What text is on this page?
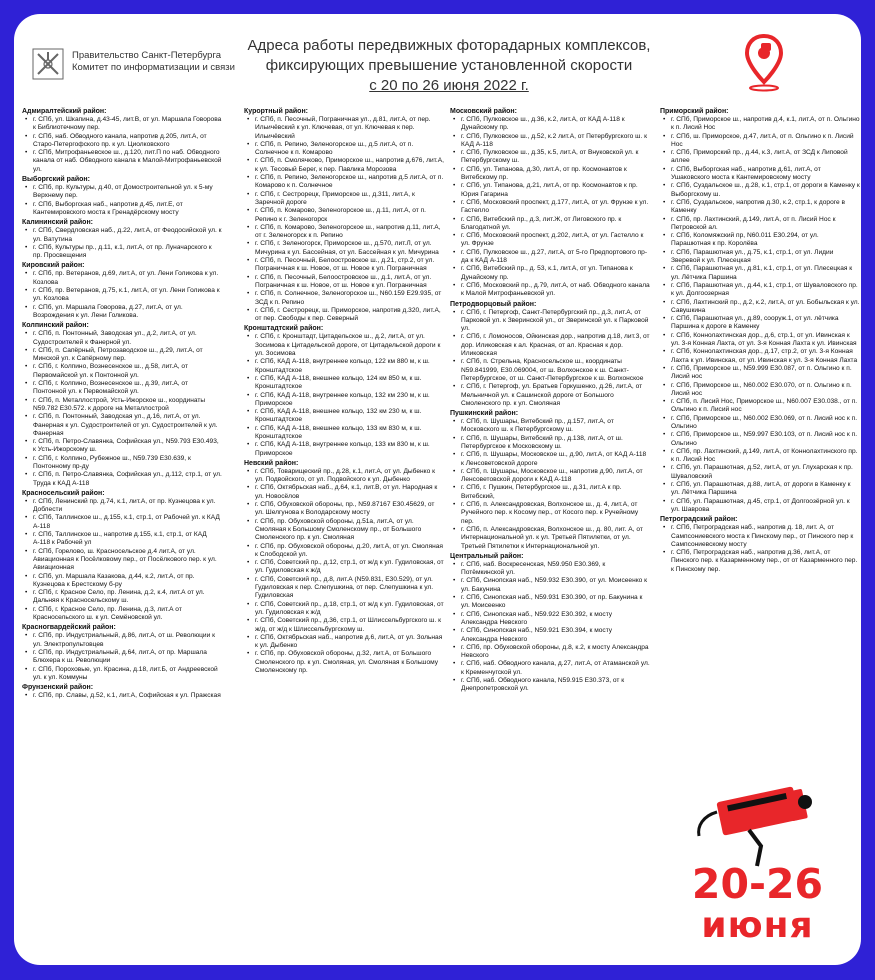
Правительство Санкт-Петербурга
Комитет по информатизации и связи
Адреса работы передвижных фоторадарных комплексов,
фиксирующих превышение установленной скорости
с 20 по 26 июня 2022 г.
Адмиралтейский район:
• г. СПб, ул. Шкапина, д.43-45, лит.В, от ул. Маршала Говорова к Библиотечному пер.
• г. СПб, наб. Обводного канала, напротив д.205, лит.А, от Старо-Петергофского пр. к ул. Циолковского
• г. СПб, Митрофаньевское ш., д.120, лит.П по наб. Обводного канала от наб. Обводного канала к Малой-Митрофаньевской ул.
Выборгский район:
• г. СПб, пр. Культуры, д.40, от Домостроительной ул. к 5-му Верхнему пер.
• г. СПб, Выборгская наб., напротив д.45, лит.Е, от Кантемировского моста к Гренадёрскому мосту
Калининский район:
• г. СПб, Свердловская наб., д.22, лит.А, от Феодосийской ул. к ул. Ватутина
• г. СПб, Культуры пр., д.11, к.1, лит.А, от пр. Луначарского к пр. Просвещения
Кировский район:
• г. СПб, пр. Ветеранов, д.69, лит.А, от ул. Лени Голикова к ул. Козлова
• г. СПб, пр. Ветеранов, д.75, к.1, лит.А, от ул. Лени Голикова к ул. Козлова
• г. СПб, ул. Маршала Говорова, д.27, лит.А, от ул. Возрождения к ул. Лени Голикова.
Колпинский район:
• г. СПб, п. Понтонный, Заводская ул., д.2, лит.А, от ул. Судостроителей к Фанерной ул.
• г. СПб, п. Сапёрный, Петрозаводское ш., д.29, лит.А, от Минской ул. к Сапёрному пер.
• г. СПб, г. Колпино, Вознесенское ш., д.58, лит.А, от Первомайской ул. к Понтонной ул.
• г. СПб, г. Колпино, Вознесенское ш., д.39, лит.А, от Понтонной ул. к Первомайской ул.
• г. СПб, п. Металлострой, Усть-Ижорское ш., координаты N59.782 E30.572. к дороге на Металлострой
• г. СПб, п. Понтонный, Заводская ул., д.16, лит.А, от ул. Фанерная к ул. Судостроителей от ул. Судостроителей к ул. Фанерная
• г. СПб, п. Петро-Славянка, Софийская ул., N59.793 E30.493, к Усть-Ижорскому ш.
• г. СПб, г. Колпино, Рубежное ш., N59.739 E30.639, к Понтонному пр-ду
• г. СПб, п. Петро-Славянка, Софийская ул., д.112, стр.1, от ул. Труда к КАД А-118
Красносельский район:
• г. СПб, Ленинский пр. д.74, к.1, лит.А, от пр. Кузнецова к ул. Доблести
• г. СПб, Таллинское ш., д.155, к.1, стр.1, от Рабочей ул. к КАД А-118
• г. СПб, Таллинское ш., напротив д.155, к.1, стр.1, от КАД А-118 к Рабочей ул
• г. СПб, Горелово, ш. Красносельское д.4 лит.А, от ул. Авиационная к Посёлковому пер., от Посёлкового пер. к ул. Авиационная
• г. СПб, ул. Маршала Казакова, д.44, к.2, лит.А, от пр. Кузнецова к Брестскому б-ру
• г. СПб, г. Красное Село, пр. Ленина, д.2, к.4, лит.А от ул. Дальняя к Красносельскому ш.
• г. СПб, г. Красное Село, пр. Ленина, д.3, лит.А от Красносельского ш. к ул. Семёновской ул.
Красногвардейский район:
• г. СПб, пр. Индустриальный, д.86, лит.А, от ш. Революции к ул. Электропультовцев
• г. СПб, пр. Индустриальный, д.64, лит.А, от пр. Маршала Блюхера к ш. Революции
• г. СПб, Пороховые, ул. Красина, д.18, лит.Б, от Андреевской ул. к ул. Коммуны
Фрунзенский район:
• г. СПб, пр. Славы, д.52, к.1, лит.А, Софийская к ул. Пражская
Курортный район:
• г. СПб, п. Песочный, Пограничная ул., д.81, лит.А, от пер. Ильичёвский к ул. Ключевая, от ул. Ключевая к пер. Ильичёвский
• г. СПб, п. Репино, Зеленогорское ш., д.5 лит.А, от п. Солнечное к п. Комарово
• г. СПб, п. Смолячково, Приморское ш., напротив д.676, лит.А, к ул. Тесовый Берег, к пер. Павлика Морозова
• г. СПб, п. Репино, Зеленогорское ш., напротив д.5 лит.А, от п. Комарово к п. Солнечное
• г. СПб, г. Сестрорецк, Приморское ш., д.311, лит.А, к Заречной дороге
• г. СПб, п. Комарово, Зеленогорское ш., д.11, лит.А, от п. Репино к г. Зеленогорск
• г. СПб, п. Комарово, Зеленогорское ш., напротив д.11, лит.А, от г. Зеленогорск к п. Репино
• г. СПб, г. Зеленогорск, Приморское ш., д.570, лит.Л, от ул. Мичурина к ул. Бассейная, от ул. Бассейная к ул. Мичурина
• г. СПб, п. Песочный, Белоостровское ш., д.21, стр.2, от ул. Пограничная к ш. Новое, от ш. Новое к ул. Пограничная
• г. СПб, п. Песочный, Белоостровское ш., д.1, лит.А, от ул. Пограничная к ш. Новое, от ш. Новое к ул. Пограничная
• г. СПб, п. Солнечное, Зеленогорское ш., N60.159 E29.935, от ЗСД к п. Репино
• г. СПб, г. Сестрорецк, ш. Приморское, напротив д.320, лит.А, от пер. Свободы к пер. Северный
Кронштадтский район:
• г. СПб, г. Кронштадт, Цитадельское ш., д.2, лит.А, от ул. Зосимова к Цитадельской дороге, от Цитадельской дороги к ул. Зосимова
• г. СПб, КАД А-118, внутреннее кольцо, 122 км 880 м, к ш. Кронштадтское
• г. СПб, КАД А-118, внешнее кольцо, 124 км 850 м, к ш. Кронштадтское
• г. СПб, КАД А-118, внутреннее кольцо, 132 км 230 м, к ш. Приморское
• г. СПб, КАД А-118, внешнее кольцо, 132 км 230 м, к ш. Кронштадтское
• г. СПб, КАД А-118, внешнее кольцо, 133 км 830 м, к ш. Кронштадтское
• г. СПб, КАД А-118, внутреннее кольцо, 133 км 830 м, к ш. Приморское
Невский район:
• г. СПб, Товарищеский пр., д.28, к.1, лит.А, от ул. Дыбенко к ул. Подвойского, от ул. Подвойского к ул. Дыбенко
• г. СПб, Октябрьская наб., д.64, к.1, лит.В, от ул. Народная к ул. Новосёлов
• г. СПб, Обуховской обороны, пр., N59.87167 E30.45629, от ул. Шелгунова к Володарскому мосту
• г. СПб, пр. Обуховской обороны, д.51а, лит.А, от ул. Смоляная к Большому Смоленскому пр., от Большого Смоленского пр. к ул. Смоляная
• г. СПб, пр. Обуховской обороны, д.20, лит.А, от ул. Смоляная к Слободской ул.
• г. СПб, Советский пр., д.12, стр.1, от ж/д к ул. Гудиловская, от ул. Гудиловская к ж/д
• г. СПб, Советский пр., д.8, лит.А (N59.831, E30.529), от ул. Гудиловская к пер. Слепушкина, от пер. Слепушкина к ул. Гудиловская
• г. СПб, Советский пр., д.18, стр.1, от ж/д к ул. Гудиловская, от ул. Гудиловская к ж/д
• г. СПб, Советский пр., д.36, стр.1, от Шлиссельбургского ш. к ж/д, от ж/д к Шлиссельбургскому ш.
• г. СПб, Октябрьская наб., напротив д.6, лит.А, от ул. Зольная к ул. Дыбенко
• г. СПб, пр. Обуховской обороны, д.32, лит.А, от Большого Смоленского пр. к ул. Смоляная, ул. Смоляная к Большому Смоленскому пр.
Московский район:
• г. СПб, Пулковское ш., д.36, к.2, лит.А, от КАД А-118 к Дунайскому пр.
• г. СПб, Пулковское ш., д.52, к.2 лит.А, от Петербургского ш. к КАД А-118
• г. СПб, Пулковское ш., д.35, к.5, лит.А, от Внуковской ул. к Петербургскому ш.
• г. СПб, ул. Типанова, д.30, лит.А, от пр. Космонавтов к Витебскому пр.
• г. СПб, ул. Типанова, д.21, лит.А, от пр. Космонавтов к пр. Юрия Гагарина
• г. СПб, Московский проспект, д.177, лит.А, от ул. Фрунзе к ул. Гастелло
• г. СПб, Витебский пр., д.3, лит.Ж, от Лиговского пр. к Благодатной ул.
• г. СПб, Московский проспект, д.202, лит.А, от ул. Гастелло к ул. Фрунзе
• г. СПб, Пулковское ш., д.27, лит.А, от 5-го Предпортового пр-да к КАД А-118
• г. СПб, Витебский пр., д. 53, к.1, лит.А, от ул. Типанова к Дунайскому пр.
• г. СПб, Московский пр., д.79, лит.А, от наб. Обводного канала к Малой Митрофаньевской ул.
Петродворцовый район:
• г. СПб, г. Петергоф, Санкт-Петербургский пр., д.3, лит.А, от Парковой ул. к Зверинской ул., от Зверинской ул. к Парковой ул.
• г. СПб, г. Ломоносов, Ойкинская дор., напротив д.18, лит.3, от дор. Иликовская к ал. Красная, от ал. Красная к дор. Иликовская
• г. СПб, п. Стрельна, Красносельское ш., координаты N59.841999, E30.069004, от ш. Волхонское к ш. Санкт-Петербургское, от ш. Санкт-Петербургское к ш. Волхонское
• г. СПб, г. Петергоф, ул. Братьев Горкушенко, д.26, лит.А, от Мельничной ул. к Сашинской дороге от Большого Смоленского пр. к ул. Смоляная
Пушкинский район:
• г. СПб, п. Шушары, Витебский пр., д.157, лит.А, от Московского ш. к Петербургскому ш.
• г. СПб, п. Шушары, Витебский пр., д.138, лит.А, от ш. Петербургское к Московскому ш.
• г. СПб, п. Шушары, Московское ш., д.90, лит.А, от КАД А-118 к Ленсоветовской дороге
• г. СПб, п. Шушары, Московское ш., напротив д.90, лит.А, от Ленсоветовской дороги к КАД А-118
• г. СПб, г. Пушкин, Петербургское ш., д.31, лит.А к пр. Витебский,
• г. СПб, п. Александровская, Волхонское ш., д. 4, лит.А, от Ручейного пер. к Косому пер., от Косого пер. к Ручейному пер.
• г. СПб, п. Александровская, Волхонское ш., д. 80, лит. А, от Интернациональной ул. к ул. Третьей Пятилетки, от ул. Третьей Пятилетки к Интернациональной ул.
Центральный район:
• г. СПб, наб. Воскресенская, N59.950 E30.369, к Потёмкинской ул.
• г. СПб, Синопская наб., N59.932 E30.390, от ул. Моисеенко к ул. Бакунина
• г. СПб, Синопская наб., N59.931 E30.390, от пр. Бакунина к ул. Моисеенко
• г. СПб, Синопская наб., N59.922 E30.392, к мосту Александра Невского
• г. СПб, Синопская наб., N59.921 E30.394, к мосту Александра Невского
• г. СПб, пр. Обуховской обороны, д.8, к.2, к мосту Александра Невского
• г. СПб, наб. Обводного канала, д.27, лит.А, от Атаманской ул. к Кременчугской ул.
• г. СПб, наб. Обводного канала, N59.915 E30.373, от к Днепропетровской ул.
Приморский район:
• г. СПб, Приморское ш., напротив д.4, к.1, лит.А, от п. Ольгино к п. Лисий Нос
• г. СПб, ш. Приморское, д.47, лит.А, от п. Ольгино к п. Лисий Нос
• г. СПб, Приморский пр., д.44, к.3, лит.А, от ЗСД к Липовой аллее
• г. СПб, Выборгская наб., напротив д.61, лит.А, от Ушаковского моста к Кантемировскому мосту
• г. СПб, Суздальское ш., д.28, к.1, стр.1, от дороги в Каменку к Выборгскому ш.
• г. СПб, Суздальское, напротив д.30, к.2, стр.1, к дороге в Каменку
• г. СПб, пр. Лахтинский, д.149, лит.А, от п. Лисий Нос к Петровской ал.
• г. СПб, Коломяжский пр, N60.011 E30.294, от ул. Парашютная к пр. Королёва
• г. СПб, Парашютная ул., д.75, к.1, стр.1, от ул. Лидии Зверевой к ул. Плесецкая
• г. СПб, Парашютная ул., д.81, к.1, стр.1, от ул. Плесецкая к ул. Лётчика Паршина
• г. СПб, Парашютная ул., д.44, к.1, стр.1, от Шуваловского пр. к ул. Долгоозерная
• г. СПб, Лахтинский пр., д.2, к.2, лит.А, от ул. Бобыльская к ул. Савушкина
• г. СПб, Парашютная ул., д.89, сооруж.1, от ул. лётчика Паршина к дороге в Каменку
• г. СПб, Коннолахтинская дор., д.6, стр.1, от ул. Ивинская к ул. 3-я Конная Лахта, от ул. 3-я Конная Лахта к ул. Ивинская
• г. СПб, Коннолахтинская дор., д.17, стр.2, от ул. 3-я Конная Лахта к ул. Ивинская, от ул. Ивинская к ул. 3-я Конная Лахта
• г. СПб, Приморское ш., N59.999 E30.087, от п. Ольгино к п. Лисий нос
• г. СПб, Приморское ш., N60.002 E30.070, от п. Ольгино к п. Лисий нос
• г. СПб, п. Лисий Нос, Приморское ш., N60.007 E30.038., от п. Ольгино к п. Лисий нос
• г. СПб, Приморское ш., N60.002 E30.069, от п. Лисий нос к п. Ольгино
• г. СПб, Приморское ш., N59.997 E30.103, от п. Лисий нос к п. Ольгино
• г. СПб, пр. Лахтинский, д.149, лит.А, от Коннолахтинского пр. к п. Лисий Нос
• г. СПб, ул. Парашютная, д.52, лит.А, от ул. Глухарская к пр. Шуваловский
• г. СПб, ул. Парашютная, д.88, лит.А, от дороги в Каменку к ул. Лётчика Паршина
• г. СПб, ул. Парашютная, д.45, стр.1, от Долгоозёрной ул. к ул. Шаврова
Петроградский район:
• г. СПб, Петроградская наб., напротив д. 18, лит. А, от Сампсониевского моста к Пинскому пер., от Пинского пер к Сампсониевскому мосту
• г. СПб, Петроградская наб., напротив д.36, лит.А, от Пинского пер. к Казарменному пер., от от Казарменного пер. к Пинскому пер.
20-26
июня
